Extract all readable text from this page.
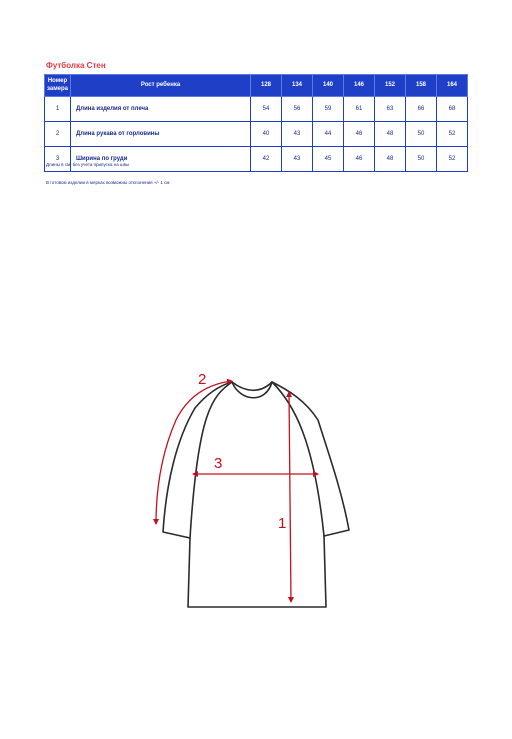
Футболка Стен
Номер замера	Рост ребенка	128	134	140	146	152	158	164
1	Длина изделия от плеча	54	56	59	61	63	66	68
2	Длина рукава от горловины	40	43	44	46	48	50	52
3	Ширина по груди	42	43	45	46	48	50	52
Длины в см, без учета припуска на швы
В готовом изделии в мерках возможны отклонения +/- 1 см
1
2
3
